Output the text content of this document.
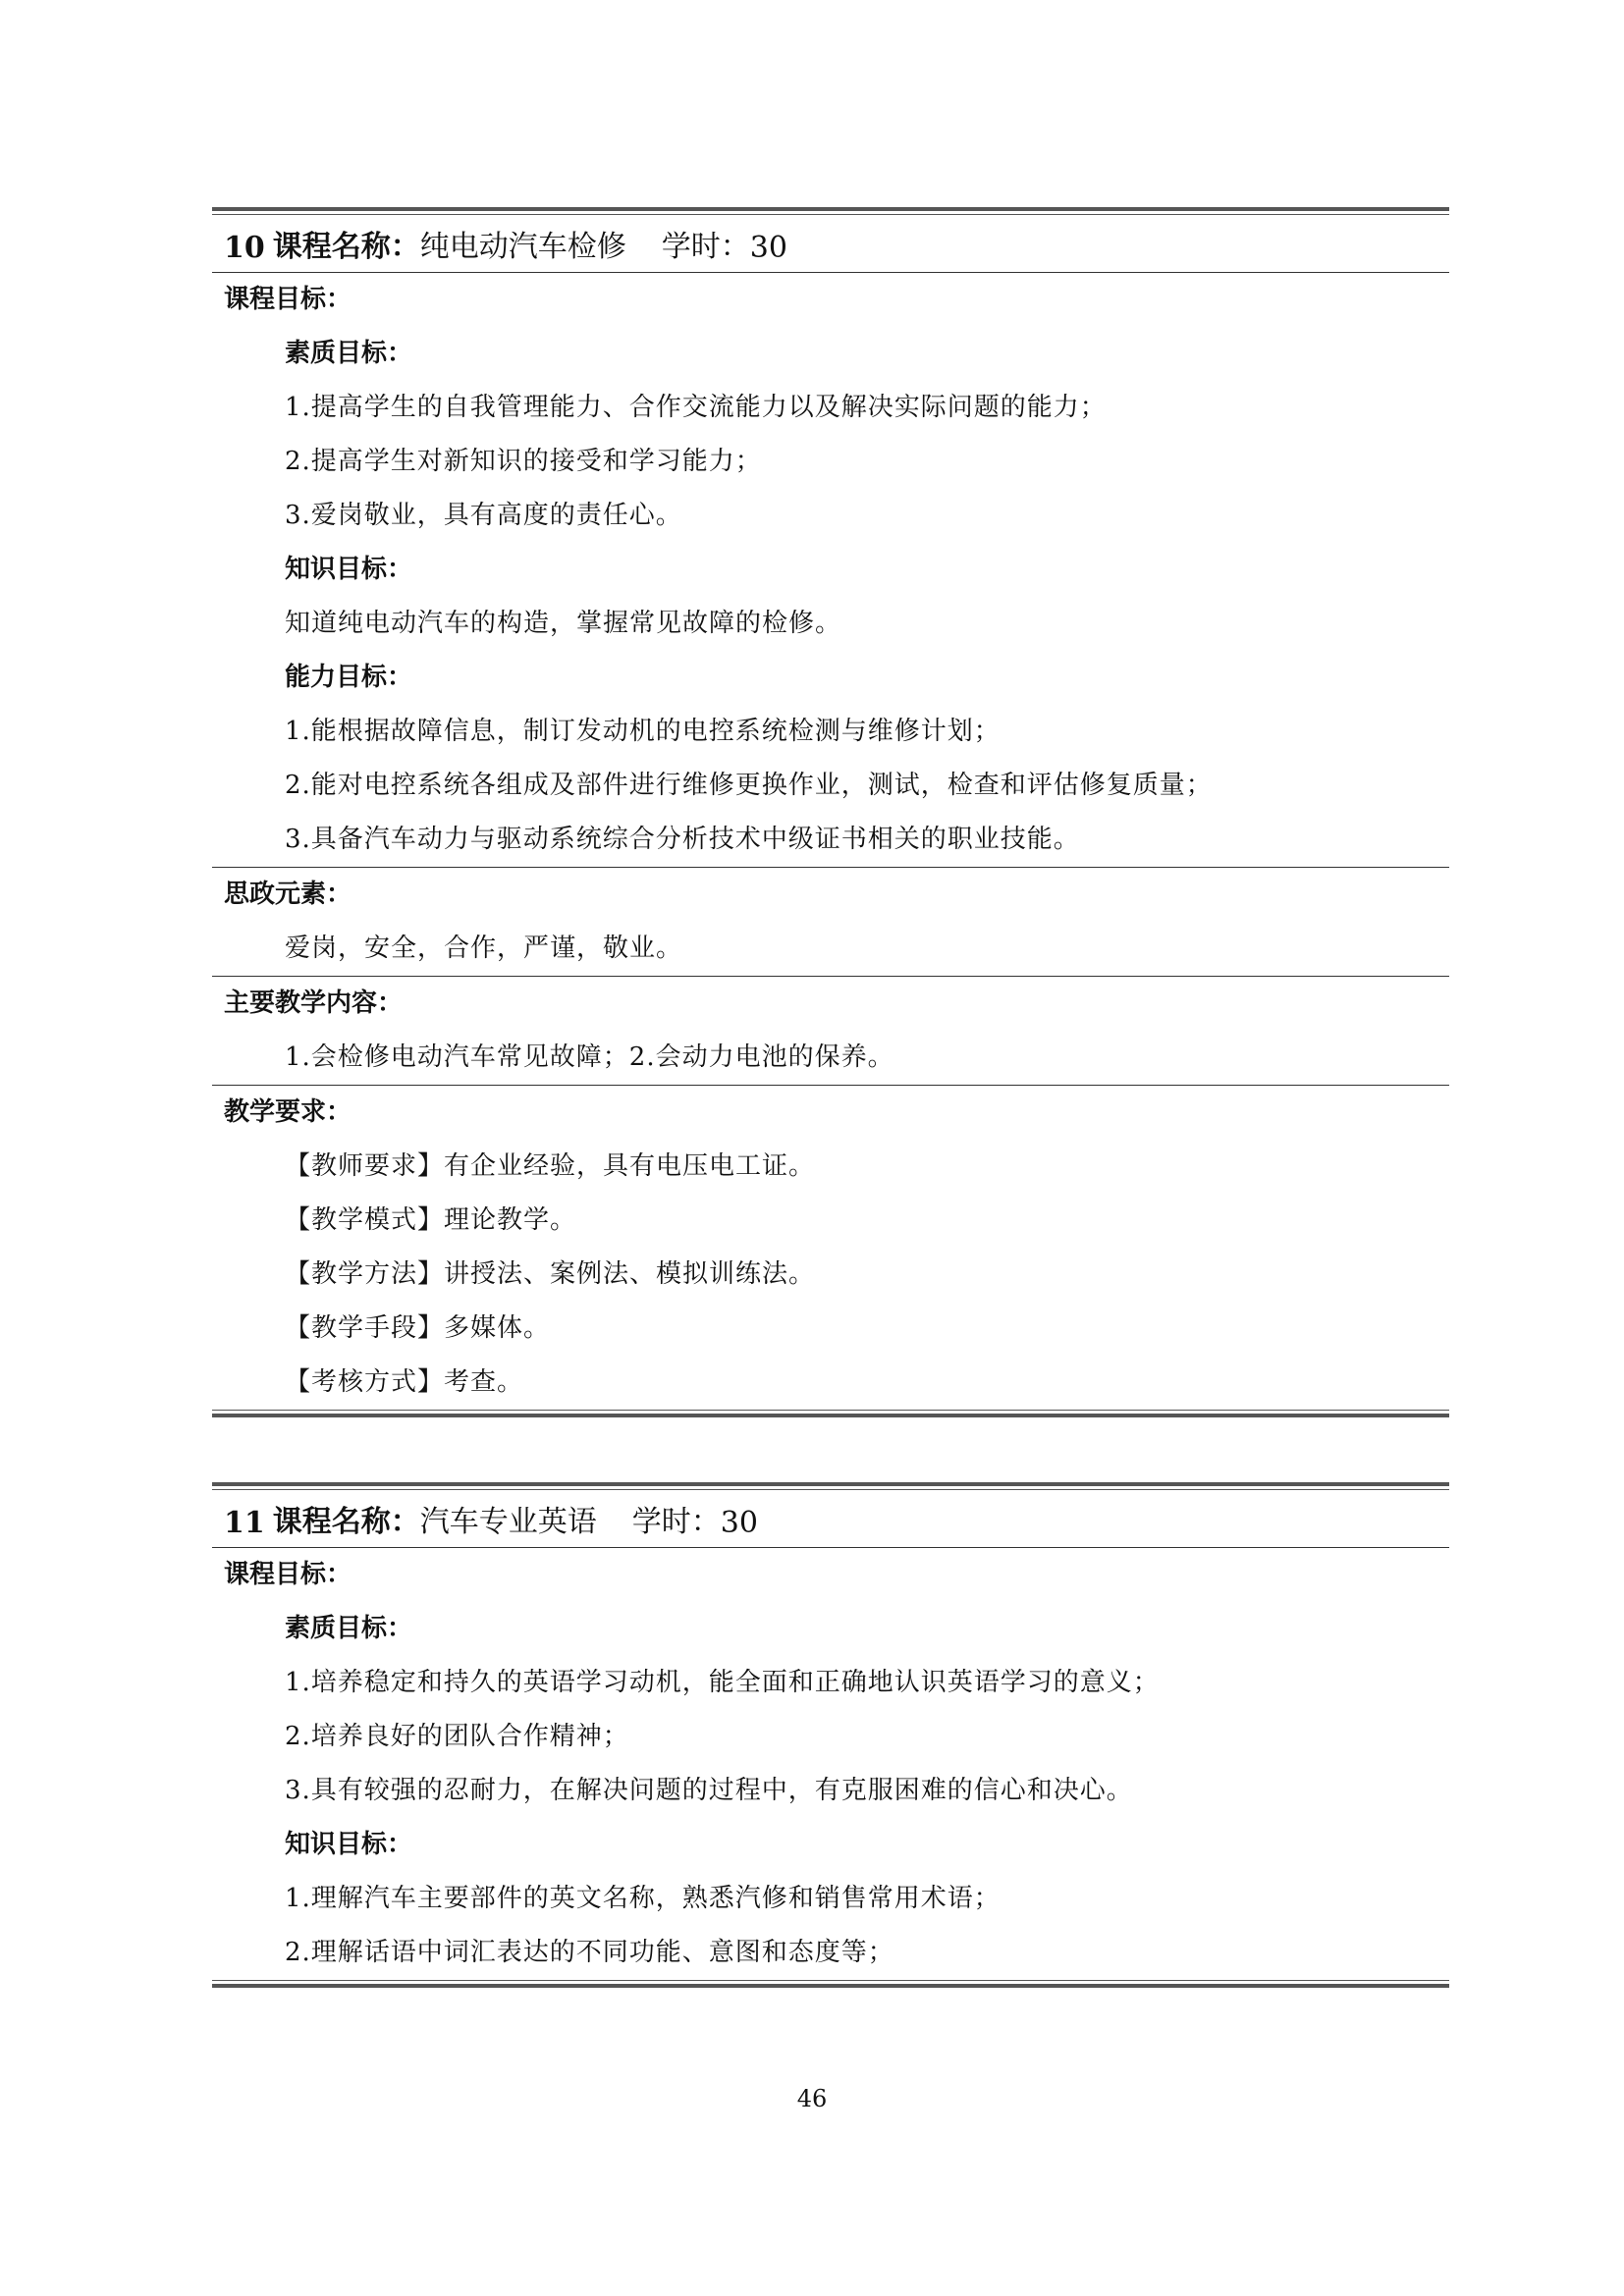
10 课程名称： 纯电动汽车检修 学时： 30
课程目标：
素质目标：
1.提高学生的自我管理能力、合作交流能力以及解决实际问题的能力；
2.提高学生对新知识的接受和学习能力；
3.爱岗敬业，具有高度的责任心。
知识目标：
知道纯电动汽车的构造，掌握常见故障的检修。
能力目标：
1.能根据故障信息，制订发动机的电控系统检测与维修计划；
2.能对电控系统各组成及部件进行维修更换作业，测试，检查和评估修复质量；
3.具备汽车动力与驱动系统综合分析技术中级证书相关的职业技能。
思政元素：
爱岗，安全，合作，严谨，敬业。
主要教学内容：
1.会检修电动汽车常见故障；2.会动力电池的保养。
教学要求：
【教师要求】有企业经验，具有电压电工证。
【教学模式】理论教学。
【教学方法】讲授法、案例法、模拟训练法。
【教学手段】多媒体。
【考核方式】考查。
11 课程名称： 汽车专业英语 学时： 30
课程目标：
素质目标：
1.培养稳定和持久的英语学习动机，能全面和正确地认识英语学习的意义；
2.培养良好的团队合作精神；
3.具有较强的忍耐力，在解决问题的过程中，有克服困难的信心和决心。
知识目标：
1.理解汽车主要部件的英文名称，熟悉汽修和销售常用术语；
2.理解话语中词汇表达的不同功能、意图和态度等；
46
